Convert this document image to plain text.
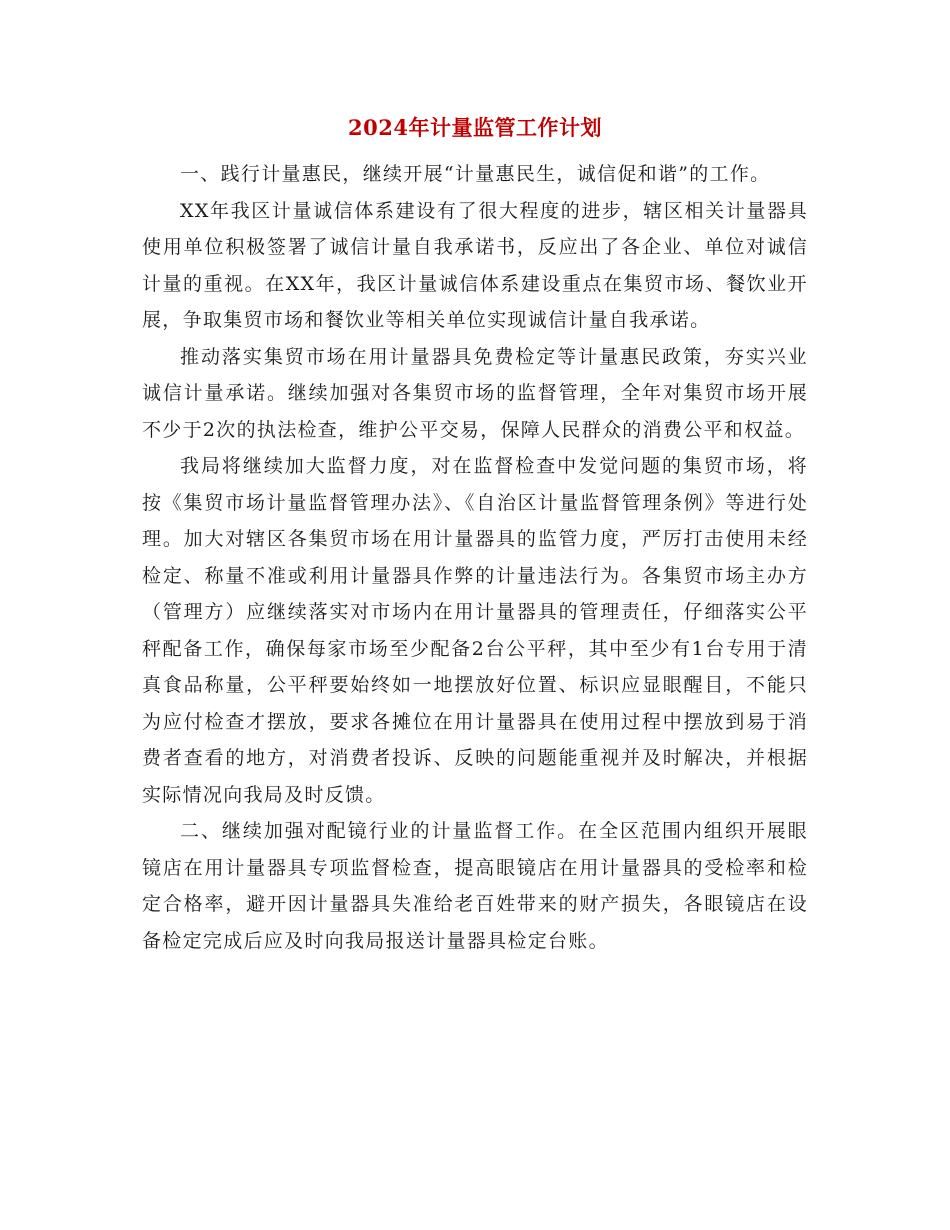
2024年计量监管工作计划

一、践行计量惠民，继续开展“计量惠民生，诚信促和谐”的工作。

XX年我区计量诚信体系建设有了很大程度的进步，辖区相关计量器具使用单位积极签署了诚信计量自我承诺书，反应出了各企业、单位对诚信计量的重视。在XX年，我区计量诚信体系建设重点在集贸市场、餐饮业开展，争取集贸市场和餐饮业等相关单位实现诚信计量自我承诺。

推动落实集贸市场在用计量器具免费检定等计量惠民政策，夯实兴业诚信计量承诺。继续加强对各集贸市场的监督管理，全年对集贸市场开展不少于2次的执法检查，维护公平交易，保障人民群众的消费公平和权益。

我局将继续加大监督力度，对在监督检查中发觉问题的集贸市场，将按《集贸市场计量监督管理办法》、《自治区计量监督管理条例》等进行处理。加大对辖区各集贸市场在用计量器具的监管力度，严厉打击使用未经检定、称量不准或利用计量器具作弊的计量违法行为。各集贸市场主办方（管理方）应继续落实对市场内在用计量器具的管理责任，仔细落实公平秤配备工作，确保每家市场至少配备2台公平秤，其中至少有1台专用于清真食品称量，公平秤要始终如一地摆放好位置、标识应显眼醒目，不能只为应付检查才摆放，要求各摊位在用计量器具在使用过程中摆放到易于消费者查看的地方，对消费者投诉、反映的问题能重视并及时解决，并根据实际情况向我局及时反馈。

二、继续加强对配镜行业的计量监督工作。在全区范围内组织开展眼镜店在用计量器具专项监督检查，提高眼镜店在用计量器具的受检率和检定合格率，避开因计量器具失准给老百姓带来的财产损失，各眼镜店在设备检定完成后应及时向我局报送计量器具检定台账。
